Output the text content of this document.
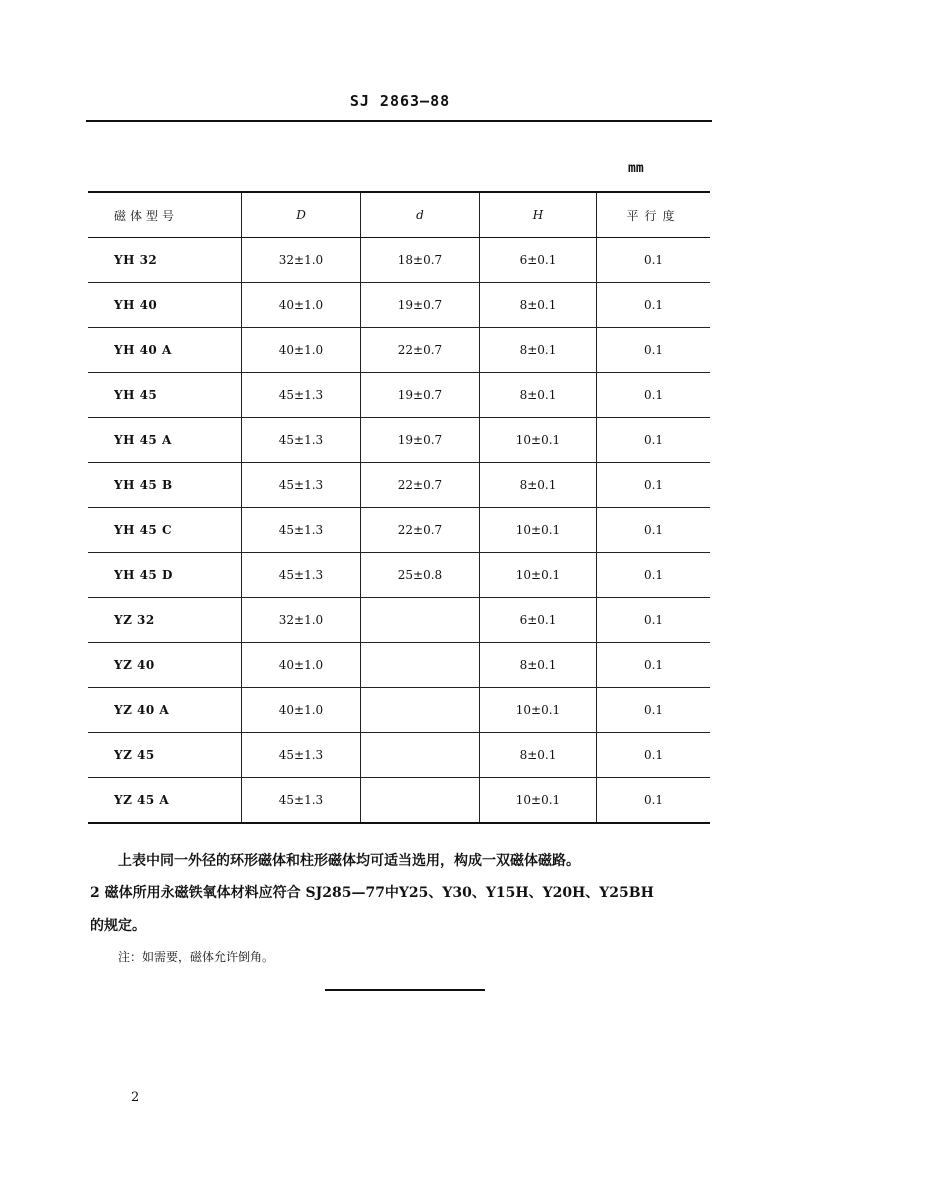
SJ 2863—88
mm
磁体型号	D	d	H	平行度
YH 32	32±1.0	18±0.7	6±0.1	0.1
YH 40	40±1.0	19±0.7	8±0.1	0.1
YH 40 A	40±1.0	22±0.7	8±0.1	0.1
YH 45	45±1.3	19±0.7	8±0.1	0.1
YH 45 A	45±1.3	19±0.7	10±0.1	0.1
YH 45 B	45±1.3	22±0.7	8±0.1	0.1
YH 45 C	45±1.3	22±0.7	10±0.1	0.1
YH 45 D	45±1.3	25±0.8	10±0.1	0.1
YZ 32	32±1.0		6±0.1	0.1
YZ 40	40±1.0		8±0.1	0.1
YZ 40 A	40±1.0		10±0.1	0.1
YZ 45	45±1.3		8±0.1	0.1
YZ 45 A	45±1.3		10±0.1	0.1
上表中同一外径的环形磁体和柱形磁体均可适当选用，构成一双磁体磁路。
2 磁体所用永磁铁氧体材料应符合 SJ285—77中Y25、Y30、Y15H、Y20H、Y25BH
的规定。
注：如需要，磁体允许倒角。
2
